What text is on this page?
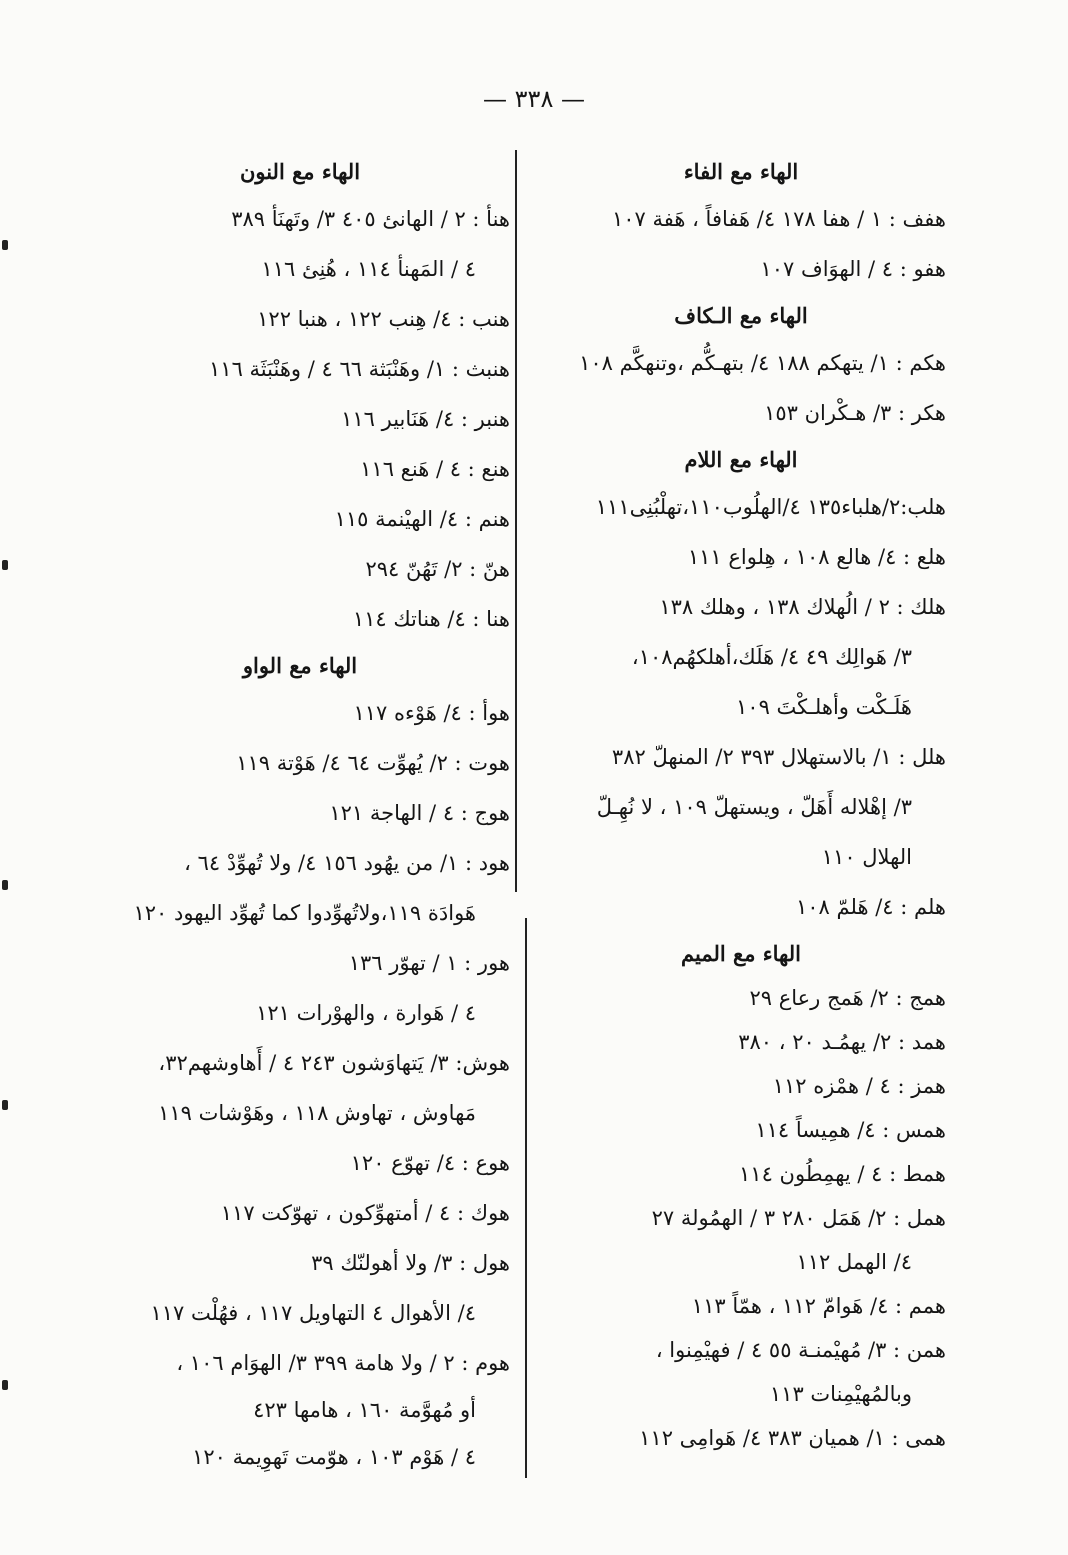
— ٣٣٨ —
الهاء مع الفاء
هفف : ١ / هفا ١٧٨ ٤/ هَفافاً ، هَفة ١٠٧
هفو : ٤ / الهوَاف ١٠٧
الهاء مع الـكاف
هكم : ١/ يتهكم ١٨٨ ٤/ بتهـكُّم ،وتنهكَّم ١٠٨
هكر : ٣/ هـكْران ١٥٣
الهاء مع اللام
هلب:٢/هلباء١٣٥ ٤/الهلُوب١١٠،تهلْبُنِى١١١
هلع : ٤/ هالع ١٠٨ ، هِلواع ١١١
هلك : ٢ / الُهلاك ١٣٨ ، وهلك ١٣٨
٣/ هَوالِك ٤٩ ٤/ هَلَك،أهلكهُم١٠٨،
هَلَـكْت وأهلـكْتَ ١٠٩
هلل : ١/ بالاستهلال ٣٩٣ ٢/ المنهلّ ٣٨٢
٣/ إهْلاله أَهَلّ ، ويستهلّ ١٠٩ ، لا نُهِـلّ
الهلال ١١٠
هلم : ٤/ هَلمّ ١٠٨
الهاء مع الميم
همج : ٢/ هَمج رعاع ٢٩
همد : ٢/ يهمُـد ٢٠ ، ٣٨٠
همز : ٤ / همْزه ١١٢
همس : ٤/ همِيساً ١١٤
همط : ٤ / يهمِطُون ١١٤
همل : ٢/ هَمَل ٢٨٠ ٣ / الهمُولة ٢٧
٤/ الهمل ١١٢
همم : ٤/ هَوامّ ١١٢ ، همّاً ١١٣
همن : ٣/ مُهيْمنـة ٥٥ ٤ / فهيْمِنوا ،
وبالمُهيْمِنات ١١٣
همى : ١/ هميان ٣٨٣ ٤/ هَوامِى ١١٢
الهاء مع النون
هنأ : ٢ / الهانئ ٤٠٥ ٣/ وتَهنَأ ٣٨٩
٤ / المَهنأ ١١٤ ، هُنِئ ١١٦
هنب : ٤/ هِنب ١٢٢ ، هنبا ١٢٢
هنبث : ١/ وهَنْبَثة ٦٦ ٤ / وهَنْبَثَة ١١٦
هنبر : ٤/ هَنَابير ١١٦
هنع : ٤ / هَنع ١١٦
هنم : ٤/ الهيْنمة ١١٥
هنّ : ٢/ تَهُنّ ٢٩٤
هنا : ٤/ هناتك ١١٤
الهاء مع الواو
هوأ : ٤/ هَوْءه ١١٧
هوت : ٢/ يُهوِّت ٦٤ ٤/ هَوْتة ١١٩
هوج : ٤ / الهاجة ١٢١
هود : ١/ من يهُود ١٥٦ ٤/ ولا تُهوِّدْ ٦٤ ،
هَوادَة ١١٩،ولاتُهوِّدوا كما تُهوِّد اليهود ١٢٠
هور : ١ / تهوّر ١٣٦
٤ / هَوارة ، والهوْرات ١٢١
هوش: ٣/ يَتهاوَشون ٢٤٣ ٤ / أَهاوشهم٣٢،
مَهاوش ، تهاوش ١١٨ ، وهَوْشات ١١٩
هوع : ٤/ تهوّع ١٢٠
هوك : ٤ / أمتهوِّكون ، تهوّكت ١١٧
هول : ٣/ ولا أهولنّك ٣٩
٤/ الأهوال ٤ التهاويل ١١٧ ، فهُلْت ١١٧
هوم : ٢ / ولا هامة ٣٩٩ ٣/ الهوَام ١٠٦ ،
أو مُهوَّمة ١٦٠ ، هامها ٤٢٣
٤ / هَوْم ١٠٣ ، هوّمت تَهوِيمة ١٢٠
